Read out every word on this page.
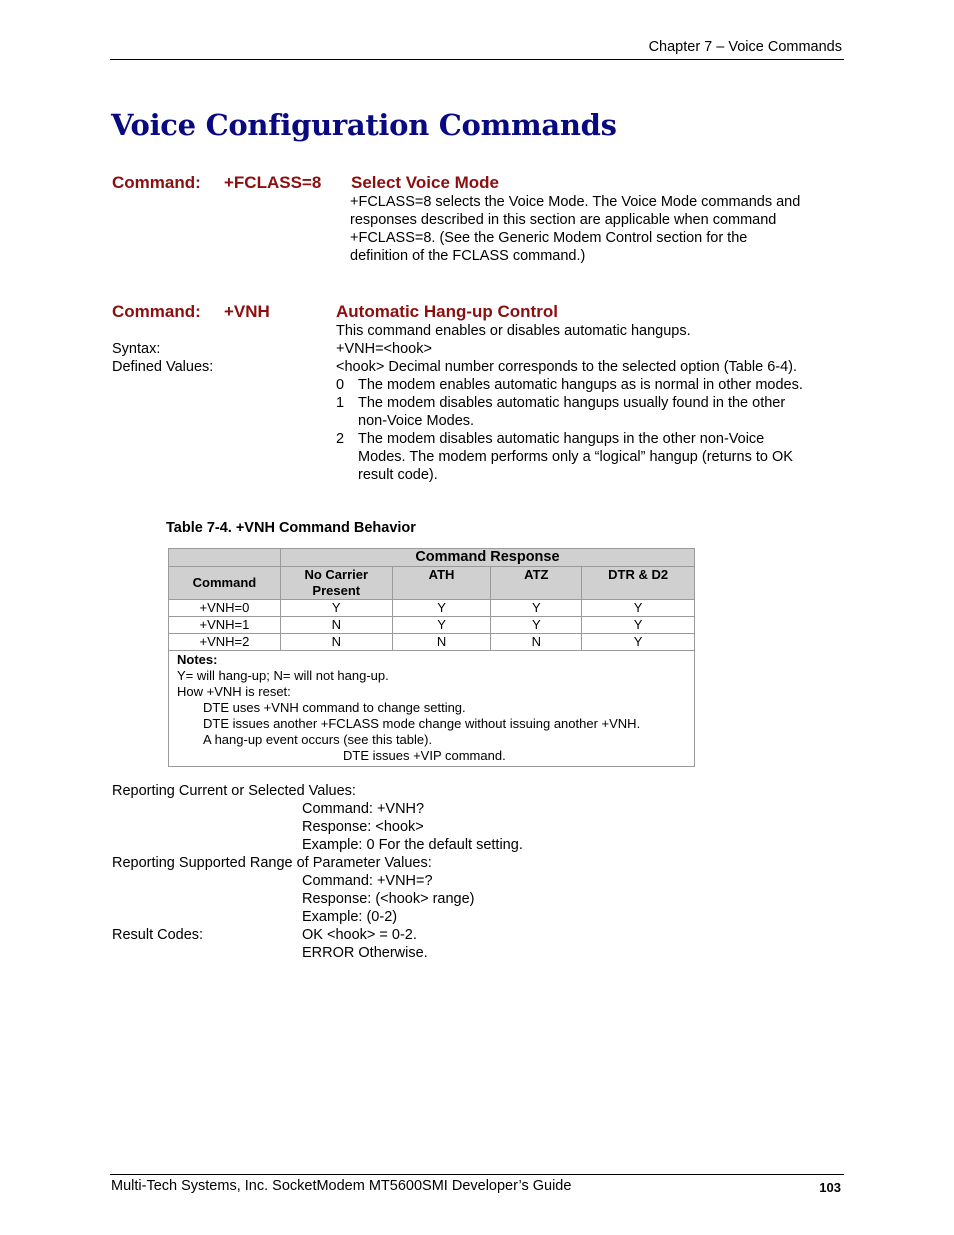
Chapter 7 – Voice Commands
Voice Configuration Commands
Command: +FCLASS=8 Select Voice Mode
+FCLASS=8 selects the Voice Mode. The Voice Mode commands and
responses described in this section are applicable when command
+FCLASS=8. (See the Generic Modem Control section for the
definition of the FCLASS command.)
Command: +VNH	Automatic Hang-up Control
This command enables or disables automatic hangups.
Syntax:	+VNH=<hook>
Defined Values:	<hook> Decimal number corresponds to the selected option (Table 6-4).
0 The modem enables automatic hangups as is normal in other modes.
1 The modem disables automatic hangups usually found in the other
non-Voice Modes.
2 The modem disables automatic hangups in the other non-Voice
Modes. The modem performs only a “logical” hangup (returns to OK
result code).
Table 7-4. +VNH Command Behavior
	Command Response			
Command	No Carrier
Present	ATH	ATZ	DTR & D2
+VNH=0	Y	Y	Y	Y
+VNH=1	N	Y	Y	Y
+VNH=2	N	N	N	Y

Notes:
Y= will hang-up; N= will not hang-up.
How +VNH is reset:
DTE uses +VNH command to change setting.
DTE issues another +FCLASS mode change without issuing another +VNH.
A hang-up event occurs (see this table).
DTE issues +VIP command.
Reporting Current or Selected Values:
Command: +VNH?
Response: <hook>
Example: 0 For the default setting.
Reporting Supported Range of Parameter Values:
Command: +VNH=?
Response: (<hook> range)
Example: (0-2)
Result Codes:	OK <hook> = 0-2.
ERROR Otherwise.
Multi-Tech Systems, Inc. SocketModem MT5600SMI Developer’s Guide	103
